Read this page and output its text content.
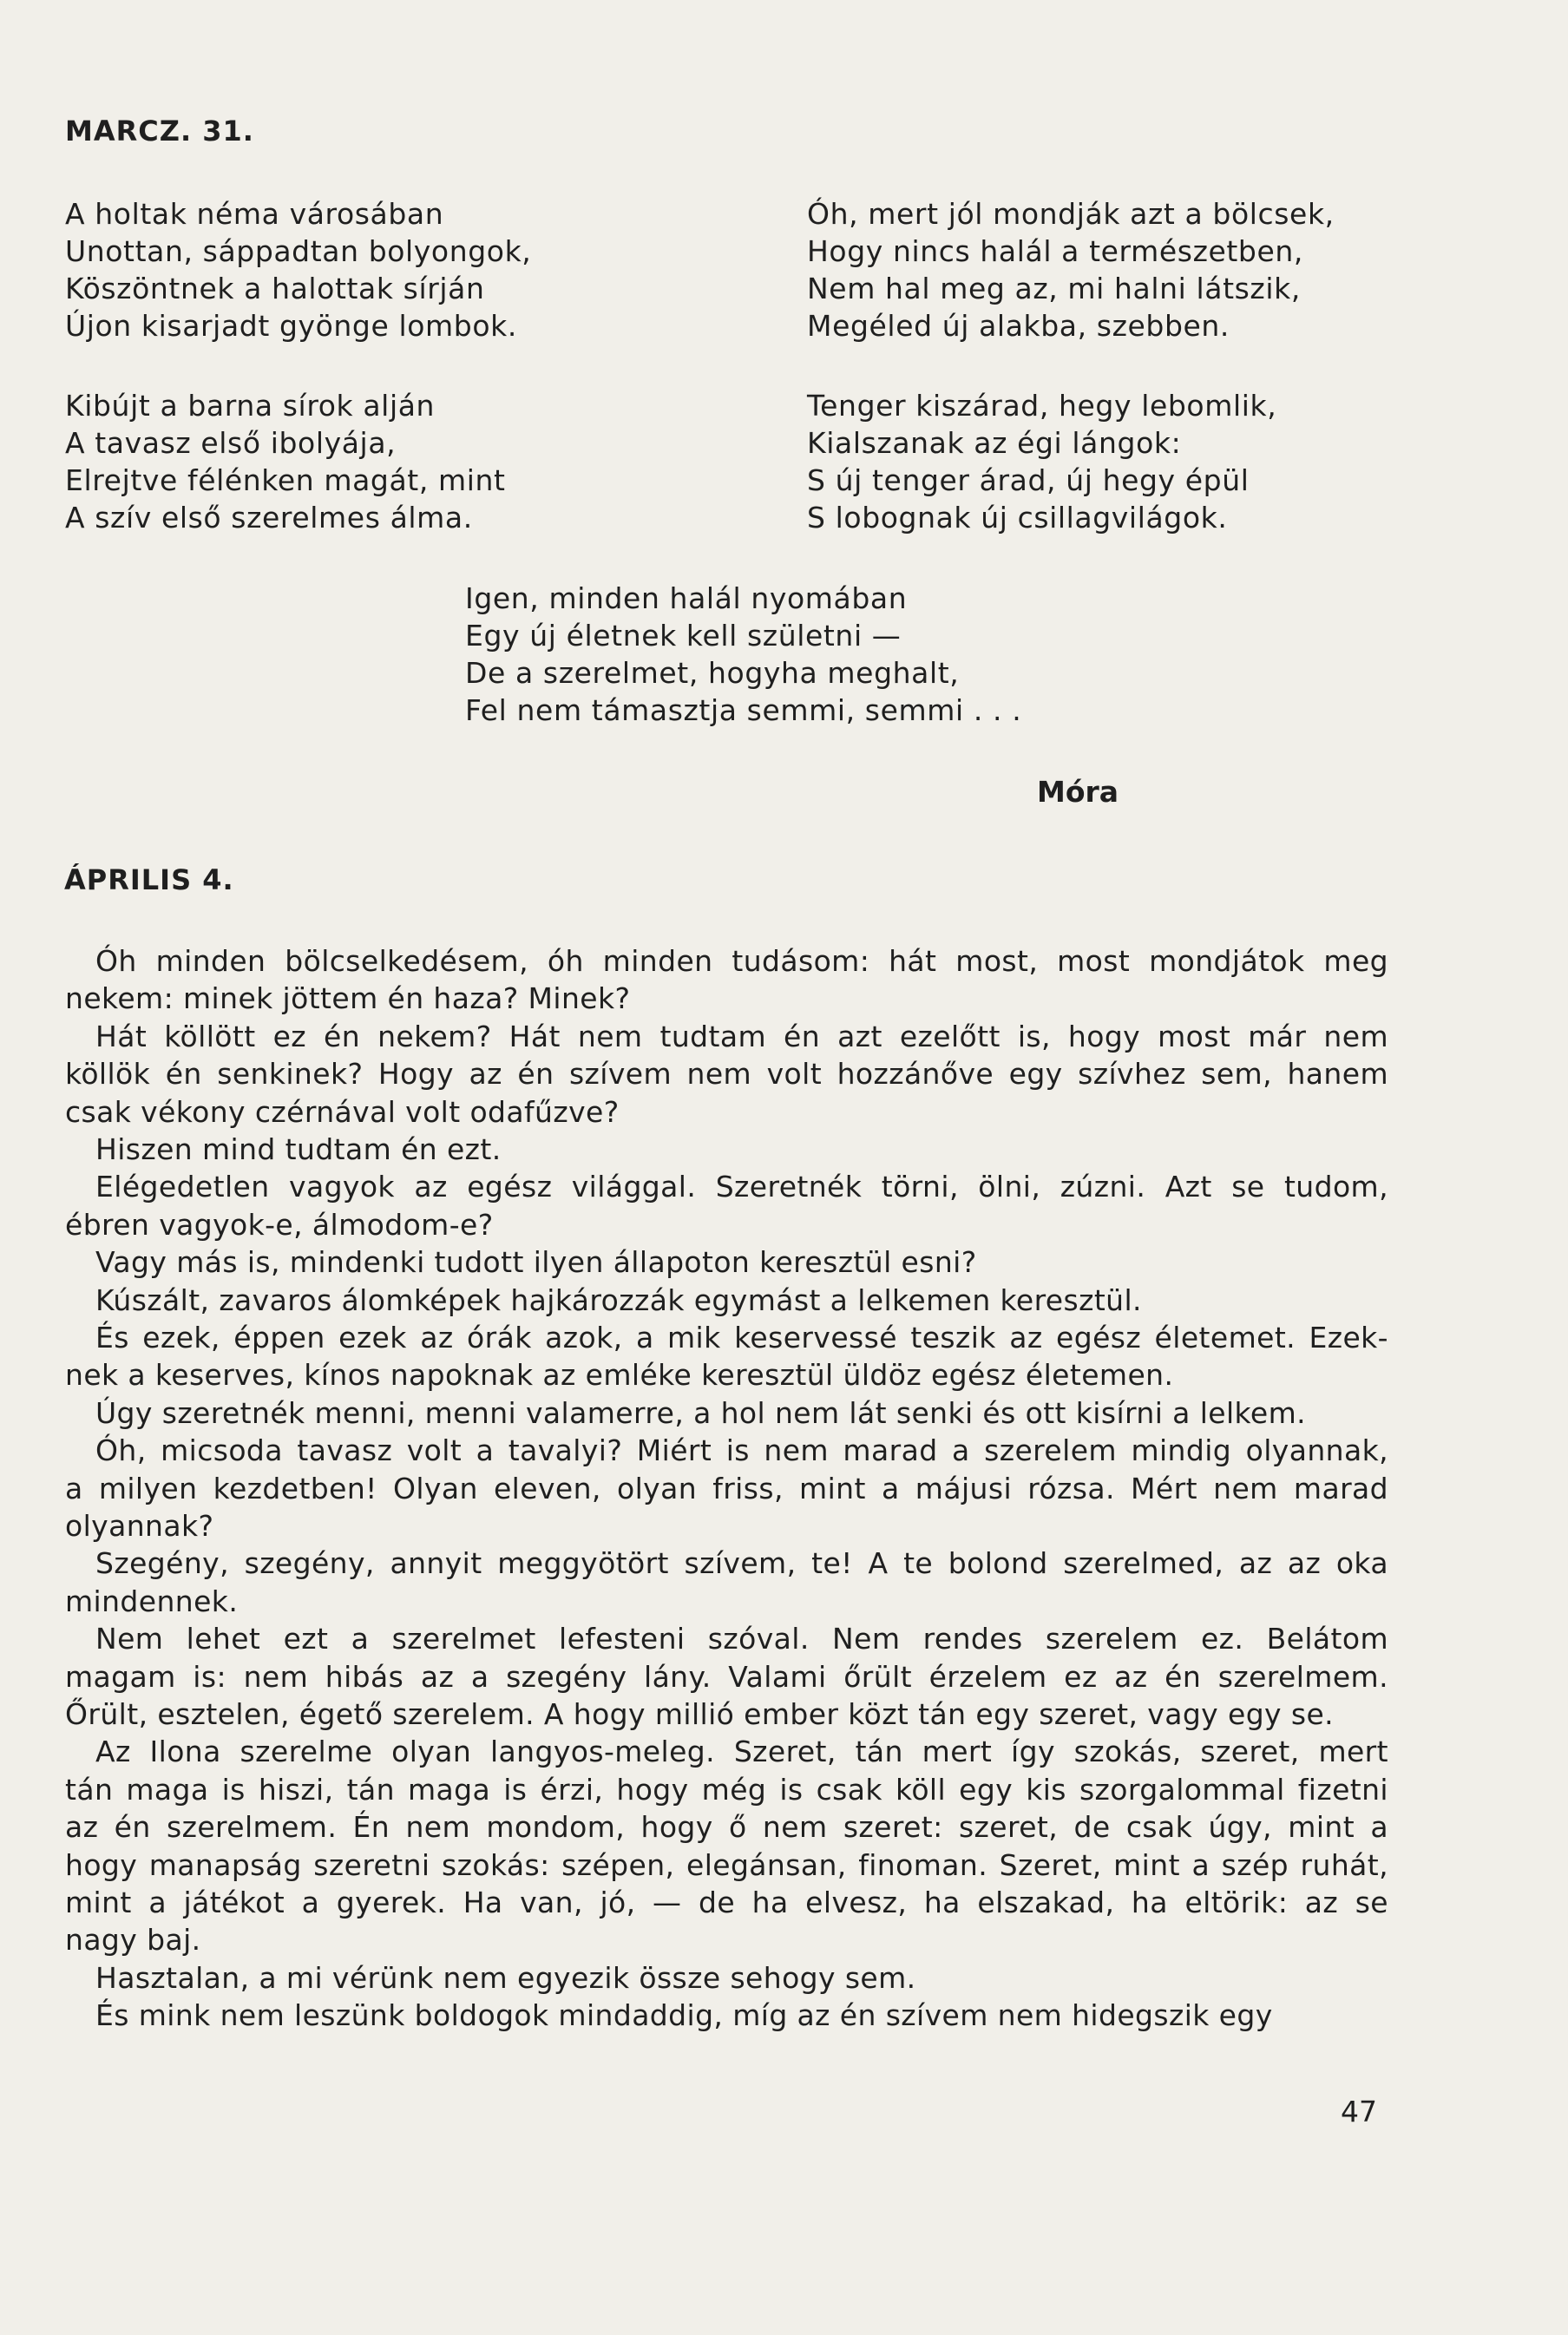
MARCZ. 31.
A holtak néma városában
Unottan, sáppadtan bolyongok,
Köszöntnek a halottak sírján
Újon kisarjadt gyönge lombok.
Kibújt a barna sírok alján
A tavasz első ibolyája,
Elrejtve félénken magát, mint
A szív első szerelmes álma.
Óh, mert jól mondják azt a bölcsek,
Hogy nincs halál a természetben,
Nem hal meg az, mi halni látszik,
Megéled új alakba, szebben.
Tenger kiszárad, hegy lebomlik,
Kialszanak az égi lángok:
S új tenger árad, új hegy épül
S lobognak új csillagvilágok.
Igen, minden halál nyomában
Egy új életnek kell születni —
De a szerelmet, hogyha meghalt,
Fel nem támasztja semmi, semmi . . .

Móra

ÁPRILIS 4.
Óh minden bölcselkedésem, óh minden tudásom: hát most, most mondjátok meg
nekem: minek jöttem én haza? Minek?
Hát köllött ez én nekem? Hát nem tudtam én azt ezelőtt is, hogy most már nem
köllök én senkinek? Hogy az én szívem nem volt hozzánőve egy szívhez sem, hanem
csak vékony czérnával volt odafűzve?
Hiszen mind tudtam én ezt.
Elégedetlen vagyok az egész világgal. Szeretnék törni, ölni, zúzni. Azt se tudom,
ébren vagyok-e, álmodom-e?
Vagy más is, mindenki tudott ilyen állapoton keresztül esni?
Kúszált, zavaros álomképek hajkározzák egymást a lelkemen keresztül.
És ezek, éppen ezek az órák azok, a mik keservessé teszik az egész életemet. Ezek-
nek a keserves, kínos napoknak az emléke keresztül üldöz egész életemen.
Úgy szeretnék menni, menni valamerre, a hol nem lát senki és ott kisírni a lelkem.
Óh, micsoda tavasz volt a tavalyi? Miért is nem marad a szerelem mindig olyannak,
a milyen kezdetben! Olyan eleven, olyan friss, mint a májusi rózsa. Mért nem marad
olyannak?
Szegény, szegény, annyit meggyötört szívem, te! A te bolond szerelmed, az az oka
mindennek.
Nem lehet ezt a szerelmet lefesteni szóval. Nem rendes szerelem ez. Belátom
magam is: nem hibás az a szegény lány. Valami őrült érzelem ez az én szerelmem.
Őrült, esztelen, égető szerelem. A hogy millió ember közt tán egy szeret, vagy egy se.
Az Ilona szerelme olyan langyos-meleg. Szeret, tán mert így szokás, szeret, mert
tán maga is hiszi, tán maga is érzi, hogy még is csak köll egy kis szorgalommal fizetni
az én szerelmem. Én nem mondom, hogy ő nem szeret: szeret, de csak úgy, mint a
hogy manapság szeretni szokás: szépen, elegánsan, finoman. Szeret, mint a szép ruhát,
mint a játékot a gyerek. Ha van, jó, — de ha elvesz, ha elszakad, ha eltörik: az se
nagy baj.
Hasztalan, a mi vérünk nem egyezik össze sehogy sem.
És mink nem leszünk boldogok mindaddig, míg az én szívem nem hidegszik egy

47
